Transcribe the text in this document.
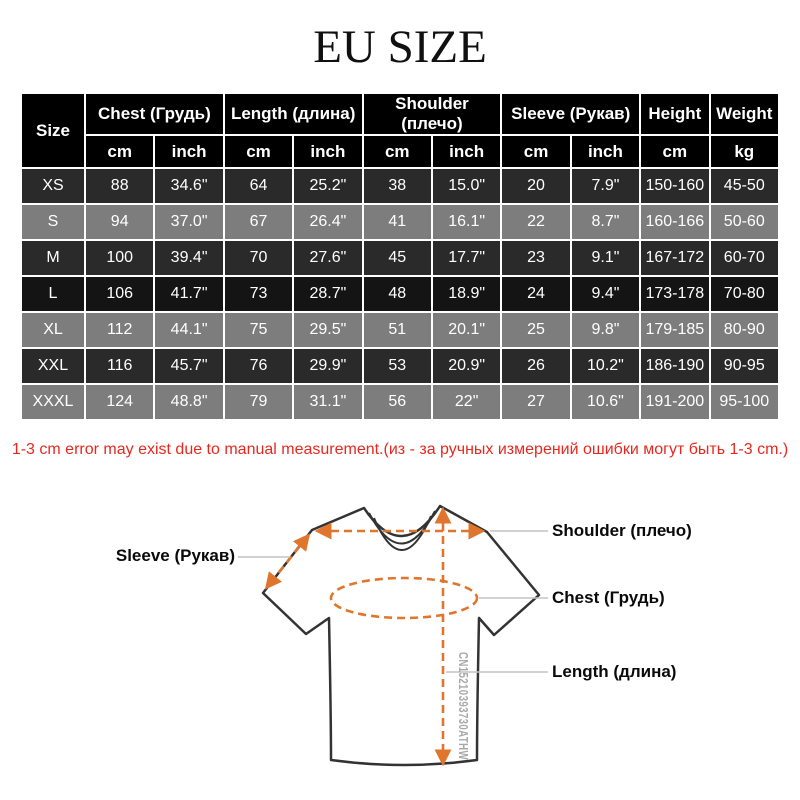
EU SIZE
Size	Chest (Грудь)		Length (длина)		Shoulder (плечо)		Sleeve (Рукав)		Height	Weight
	cm	inch	cm	inch	cm	inch	cm	inch	cm	kg
XS	88	34.6"	64	25.2"	38	15.0"	20	7.9"	150-160	45-50
S	94	37.0"	67	26.4"	41	16.1"	22	8.7"	160-166	50-60
M	100	39.4"	70	27.6"	45	17.7"	23	9.1"	167-172	60-70
L	106	41.7"	73	28.7"	48	18.9"	24	9.4"	173-178	70-80
XL	112	44.1"	75	29.5"	51	20.1"	25	9.8"	179-185	80-90
XXL	116	45.7"	76	29.9"	53	20.9"	26	10.2"	186-190	90-95
XXXL	124	48.8"	79	31.1"	56	22"	27	10.6"	191-200	95-100
1-3 cm error may exist due to manual measurement.(из - за ручных измерений ошибки могут быть 1-3 cm.)
CN15210393730ATHW
Sleeve (Рукав)
Shoulder (плечо)
Chest (Грудь)
Length (длина)
